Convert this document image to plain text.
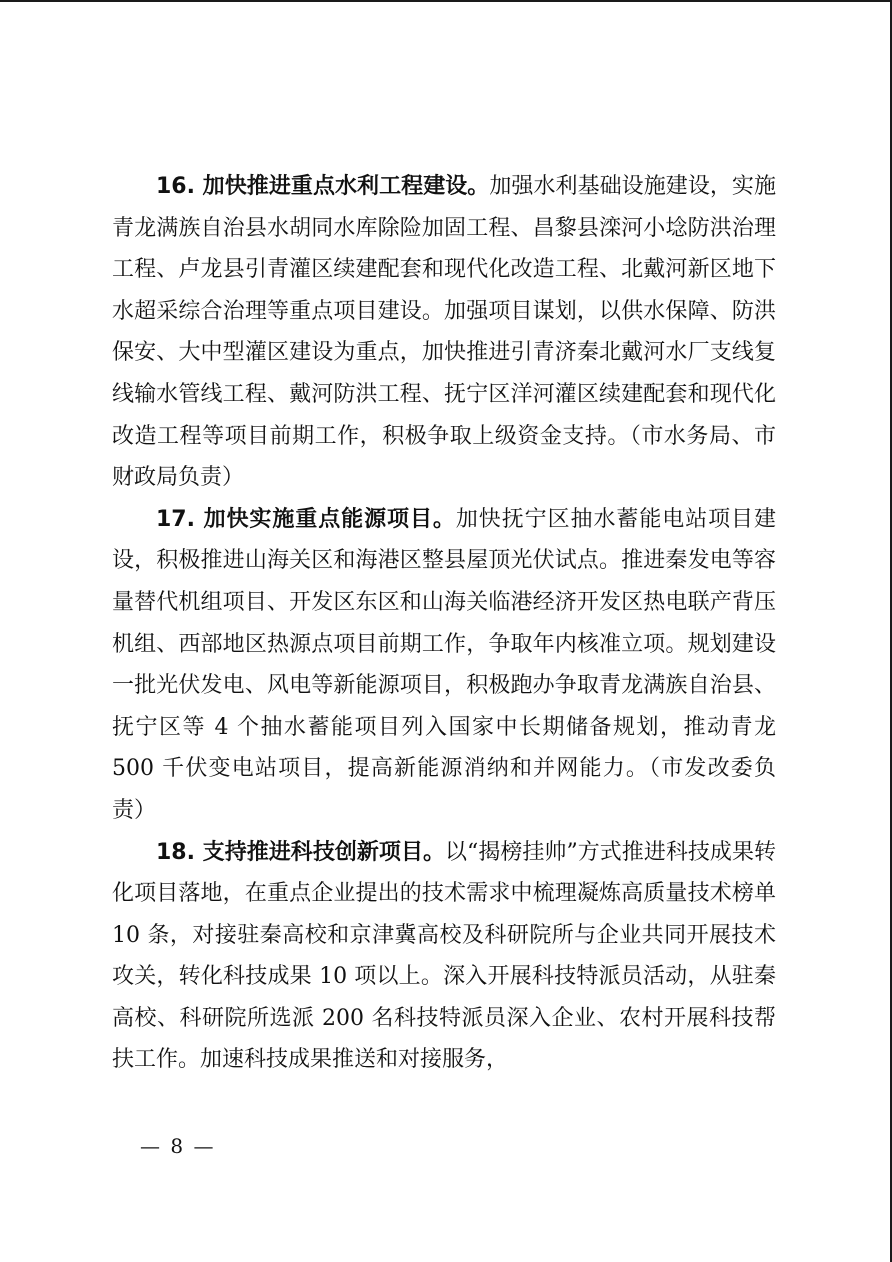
16. 加快推进重点水利工程建设。加强水利基础设施建设，实施青龙满族自治县水胡同水库除险加固工程、昌黎县滦河小埝防洪治理工程、卢龙县引青灌区续建配套和现代化改造工程、北戴河新区地下水超采综合治理等重点项目建设。加强项目谋划，以供水保障、防洪保安、大中型灌区建设为重点，加快推进引青济秦北戴河水厂支线复线输水管线工程、戴河防洪工程、抚宁区洋河灌区续建配套和现代化改造工程等项目前期工作，积极争取上级资金支持。（市水务局、市财政局负责）

17. 加快实施重点能源项目。加快抚宁区抽水蓄能电站项目建设，积极推进山海关区和海港区整县屋顶光伏试点。推进秦发电等容量替代机组项目、开发区东区和山海关临港经济开发区热电联产背压机组、西部地区热源点项目前期工作，争取年内核准立项。规划建设一批光伏发电、风电等新能源项目，积极跑办争取青龙满族自治县、抚宁区等 4 个抽水蓄能项目列入国家中长期储备规划，推动青龙 500 千伏变电站项目，提高新能源消纳和并网能力。（市发改委负责）

18. 支持推进科技创新项目。以“揭榜挂帅”方式推进科技成果转化项目落地，在重点企业提出的技术需求中梳理凝炼高质量技术榜单 10 条，对接驻秦高校和京津冀高校及科研院所与企业共同开展技术攻关，转化科技成果 10 项以上。深入开展科技特派员活动，从驻秦高校、科研院所选派 200 名科技特派员深入企业、农村开展科技帮扶工作。加速科技成果推送和对接服务，

— 8 —
